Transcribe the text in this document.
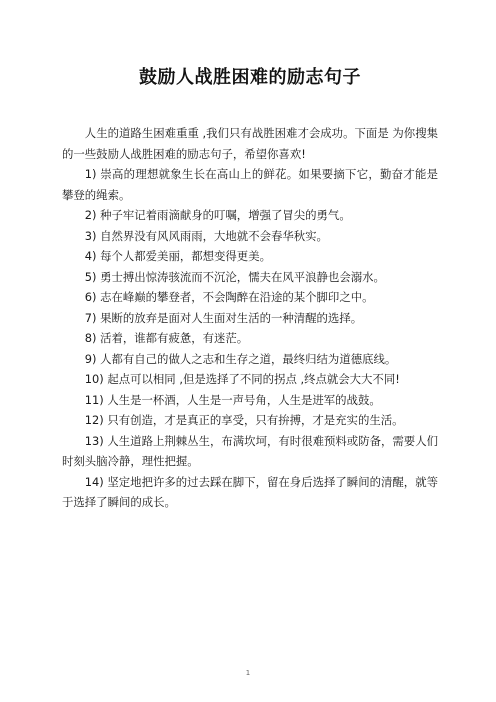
鼓励人战胜困难的励志句子

人生的道路生困难重重 ,我们只有战胜困难才会成功。下面是 为你搜集的一些鼓励人战胜困难的励志句子，希望你喜欢!

1) 崇高的理想就象生长在高山上的鲜花。如果要摘下它，勤奋才能是攀登的绳索。

2) 种子牢记着雨滴献身的叮嘱，增强了冒尖的勇气。

3) 自然界没有风风雨雨，大地就不会春华秋实。

4) 每个人都爱美丽，都想变得更美。

5) 勇士搏出惊涛骇流而不沉沦，懦夫在风平浪静也会溺水。

6) 志在峰巅的攀登者，不会陶醉在沿途的某个脚印之中。

7) 果断的放弃是面对人生面对生活的一种清醒的选择。

8) 活着，谁都有疲惫，有迷茫。

9) 人都有自己的做人之志和生存之道，最终归结为道德底线。

10) 起点可以相同 ,但是选择了不同的拐点 ,终点就会大大不同!

11) 人生是一杯酒，人生是一声号角，人生是进军的战鼓。

12) 只有创造，才是真正的享受，只有拚搏，才是充实的生活。

13) 人生道路上荆棘丛生，布满坎坷，有时很难预料或防备，需要人们时刻头脑冷静，理性把握。

14) 坚定地把许多的过去踩在脚下，留在身后选择了瞬间的清醒，就等于选择了瞬间的成长。

1
